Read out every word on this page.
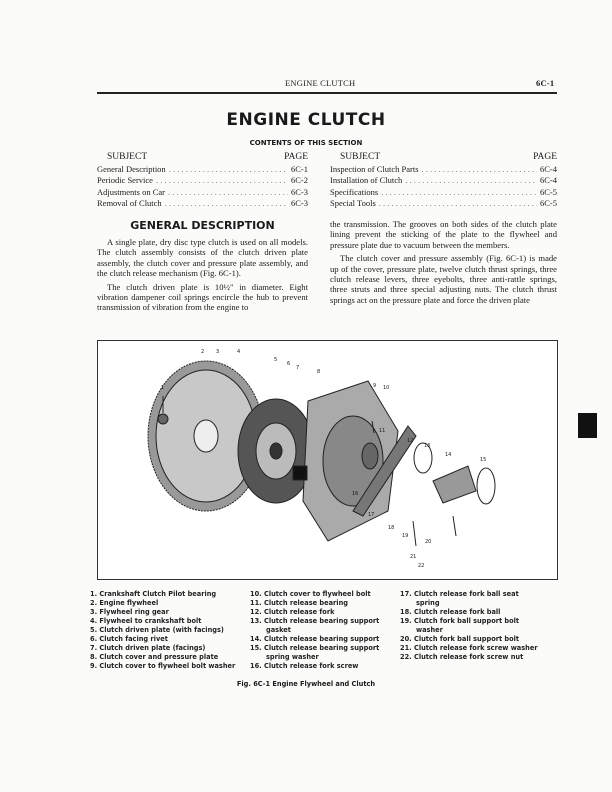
ENGINE CLUTCH	6C-1
ENGINE CLUTCH
CONTENTS OF THIS SECTION
SUBJECT	PAGE
General Description . . .	6C-1
Periodic Service . . .	6C-2
Adjustments on Car . . .	6C-3
Removal of Clutch . . .	6C-3
SUBJECT	PAGE
Inspection of Clutch Parts . . .	6C-4
Installation of Clutch . . .	6C-4
Specifications . . .	6C-5
Special Tools . . .	6C-5
GENERAL DESCRIPTION

A single plate, dry disc type clutch is used on all models. The clutch assembly consists of the clutch driven plate assembly, the clutch cover and pressure plate assembly, and the clutch release mechanism (Fig. 6C-1).

The clutch driven plate is 10½" in diameter. Eight vibration dampener coil springs encircle the hub to prevent transmission of vibration from the engine to

the transmission. The grooves on both sides of the clutch plate lining prevent the sticking of the plate to the flywheel and pressure plate due to vacuum between the members.

The clutch cover and pressure assembly (Fig. 6C-1) is made up of the cover, pressure plate, twelve clutch thrust springs, three clutch release levers, three eyebolts, three anti-rattle springs, three struts and three special adjusting nuts. The clutch thrust springs act on the pressure plate and force the driven plate

1
2 3	4
5
6
7
8
9 10
11
12
13
14
15
16
17
18
19
20
21
22
1. Crankshaft Clutch Pilot bearing
2. Engine flywheel
3. Flywheel ring gear
4. Flywheel to crankshaft bolt
5. Clutch driven plate (with facings)
6. Clutch facing rivet
7. Clutch driven plate (facings)
8. Clutch cover and pressure plate
9. Clutch cover to flywheel bolt washer
10. Clutch cover to flywheel bolt
11. Clutch release bearing
12. Clutch release fork
13. Clutch release bearing support
gasket
14. Clutch release bearing support
15. Clutch release bearing support
spring washer
16. Clutch release fork screw
17. Clutch release fork ball seat
spring
18. Clutch release fork ball
19. Clutch fork ball support bolt
washer
20. Clutch fork ball support bolt
21. Clutch release fork screw washer
22. Clutch release fork screw nut
Fig. 6C-1 Engine Flywheel and Clutch
